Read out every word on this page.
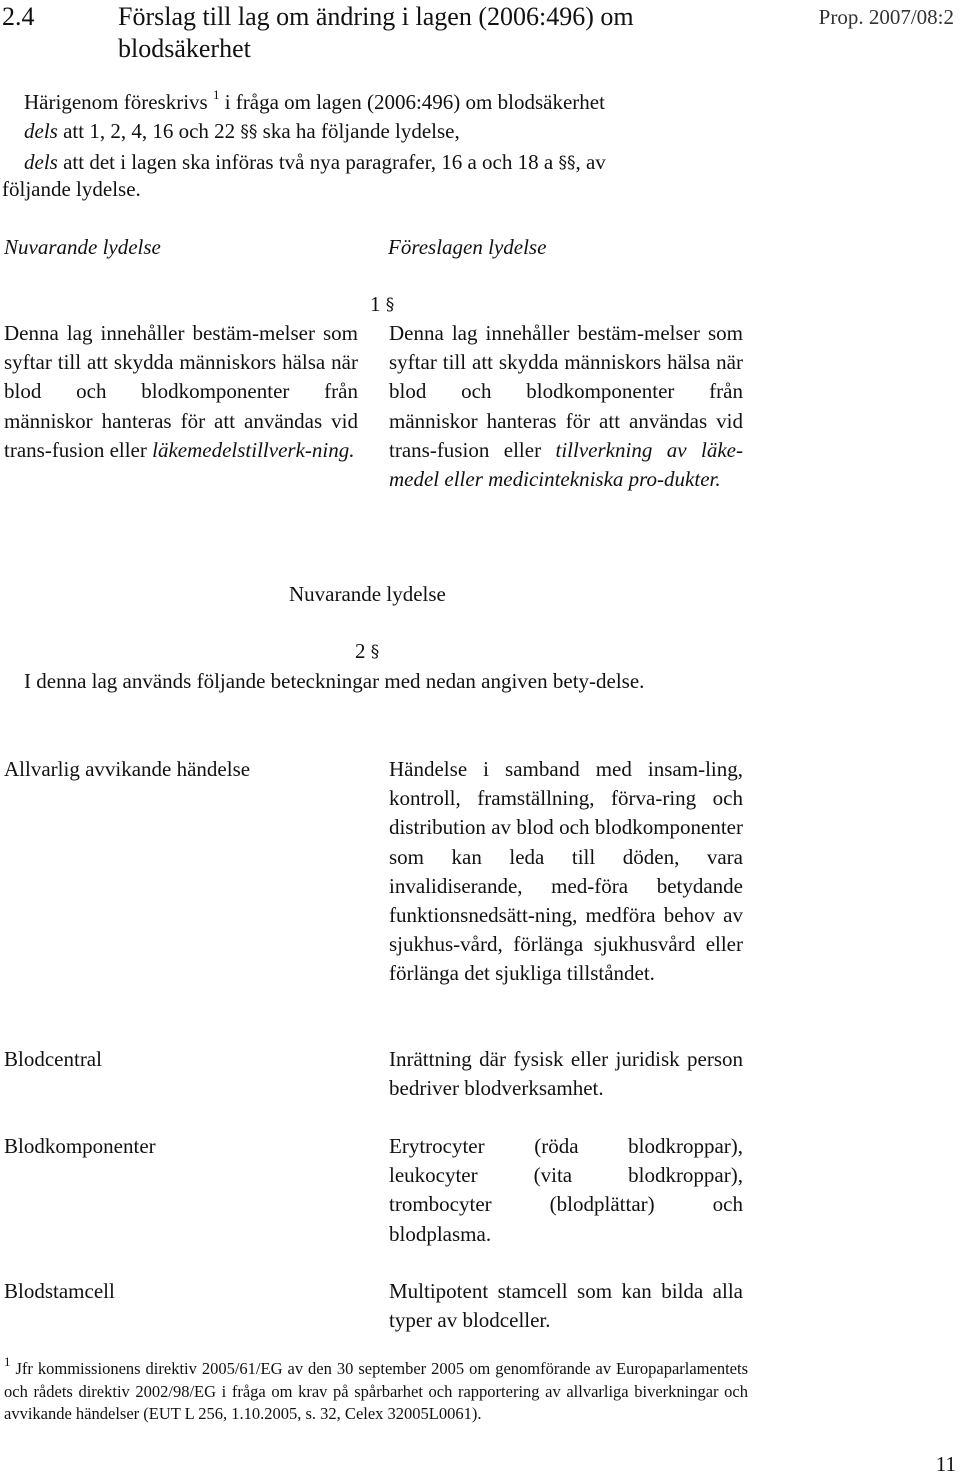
2.4	Förslag till lag om ändring i lagen (2006:496) om
blodsäkerhet
Prop. 2007/08:2
Härigenom föreskrivs $^1$ i fråga om lagen (2006:496) om blodsäkerhet
dels att 1, 2, 4, 16 och 22 §§ ska ha följande lydelse,
dels att det i lagen ska införas två nya paragrafer, 16 a och 18 a §§, av
följande lydelse.
Nuvarande lydelse	Föreslagen lydelse
1 §
Denna lag innehåller bestäm-melser som syftar till att skydda människors hälsa när blod och blodkomponenter från människor hanteras för att användas vid trans-fusion eller läkemedelstillverk-ning.
Denna lag innehåller bestäm-melser som syftar till att skydda människors hälsa när blod och blodkomponenter från människor hanteras för att användas vid trans-fusion eller tillverkning av läke-medel eller medicintekniska pro-dukter.
Nuvarande lydelse
2 §
I denna lag används följande beteckningar med nedan angiven bety-delse.
Allvarlig avvikande händelse	Händelse i samband med insam-ling, kontroll, framställning, förva-ring och distribution av blod och blodkomponenter som kan leda till döden, vara invalidiserande, med-föra betydande funktionsnedsätt-ning, medföra behov av sjukhus-vård, förlänga sjukhusvård eller förlänga det sjukliga tillståndet.
Blodcentral	Inrättning där fysisk eller juridisk person bedriver blodverksamhet.
Blodkomponenter	Erytrocyter (röda blodkroppar), leukocyter (vita blodkroppar), trombocyter (blodplättar) och blodplasma.
Blodstamcell	Multipotent stamcell som kan bilda alla typer av blodceller.
$^1$ Jfr kommissionens direktiv 2005/61/EG av den 30 september 2005 om genomförande av Europaparlamentets och rådets direktiv 2002/98/EG i fråga om krav på spårbarhet och rapportering av allvarliga biverkningar och avvikande händelser (EUT L 256, 1.10.2005, s. 32, Celex 32005L0061).
11
